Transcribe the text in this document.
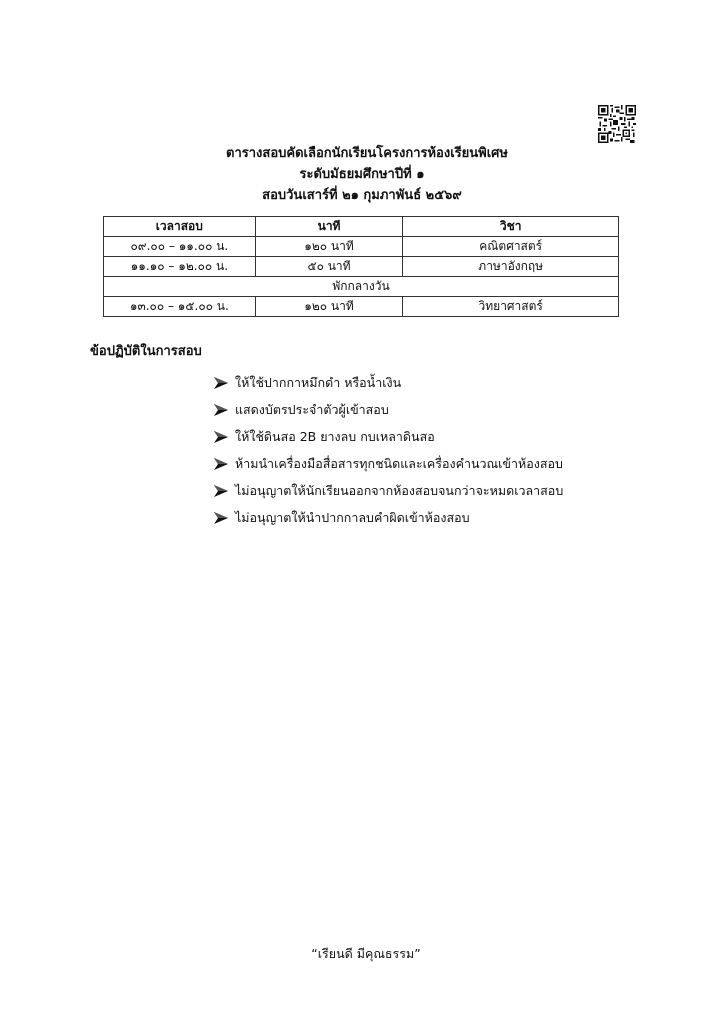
ตารางสอบคัดเลือกนักเรียนโครงการห้องเรียนพิเศษ
ระดับมัธยมศึกษาปีที่ ๑
สอบวันเสาร์ที่ ๒๑ กุมภาพันธ์ ๒๕๖๙
เวลาสอบ	นาที	วิชา
๐๙.๐๐ – ๑๑.๐๐ น.	๑๒๐ นาที	คณิตศาสตร์
๑๑.๑๐ – ๑๒.๐๐ น.	๕๐ นาที	ภาษาอังกฤษ
พักกลางวัน		
๑๓.๐๐ – ๑๕.๐๐ น.	๑๒๐ นาที	วิทยาศาสตร์
ข้อปฏิบัติในการสอบ
ให้ใช้ปากกาหมึกดำ หรือน้ำเงิน
แสดงบัตรประจำตัวผู้เข้าสอบ
ให้ใช้ดินสอ 2B ยางลบ กบเหลาดินสอ
ห้ามนำเครื่องมือสื่อสารทุกชนิดและเครื่องคำนวณเข้าห้องสอบ
ไม่อนุญาตให้นักเรียนออกจากห้องสอบจนกว่าจะหมดเวลาสอบ
ไม่อนุญาตให้นำปากกาลบคำผิดเข้าห้องสอบ
“เรียนดี มีคุณธรรม”
